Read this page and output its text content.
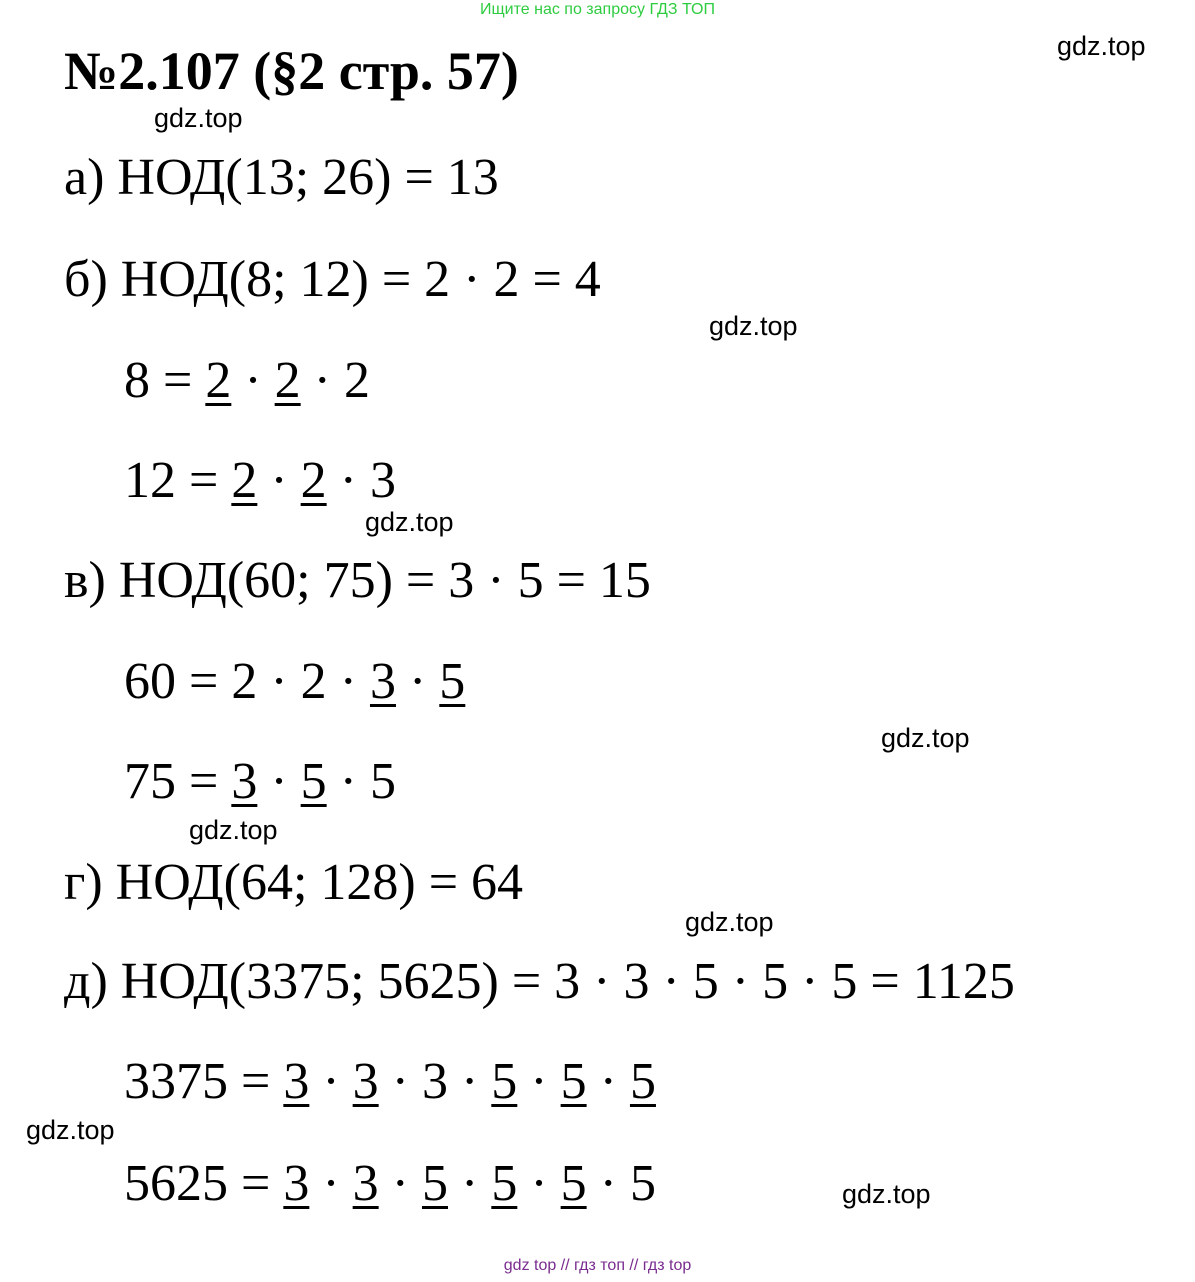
Ищите нас по запросу ГДЗ ТОП
№2.107 (§2 стр. 57)	gdz.top
gdz.top
а) НОД(13; 26) = 13
б) НОД(8; 12) = 2 · 2 = 4
gdz.top
8 = 2 · 2 · 2
12 = 2 · 2 · 3
gdz.top
в) НОД(60; 75) = 3 · 5 = 15
60 = 2 · 2 · 3 · 5
gdz.top
75 = 3 · 5 · 5
gdz.top
г) НОД(64; 128) = 64
gdz.top
д) НОД(3375; 5625) = 3 · 3 · 5 · 5 · 5 = 1125
3375 = 3 · 3 · 3 · 5 · 5 · 5
gdz.top
5625 = 3 · 3 · 5 · 5 · 5 · 5	gdz.top
gdz top // гдз топ // гдз top
